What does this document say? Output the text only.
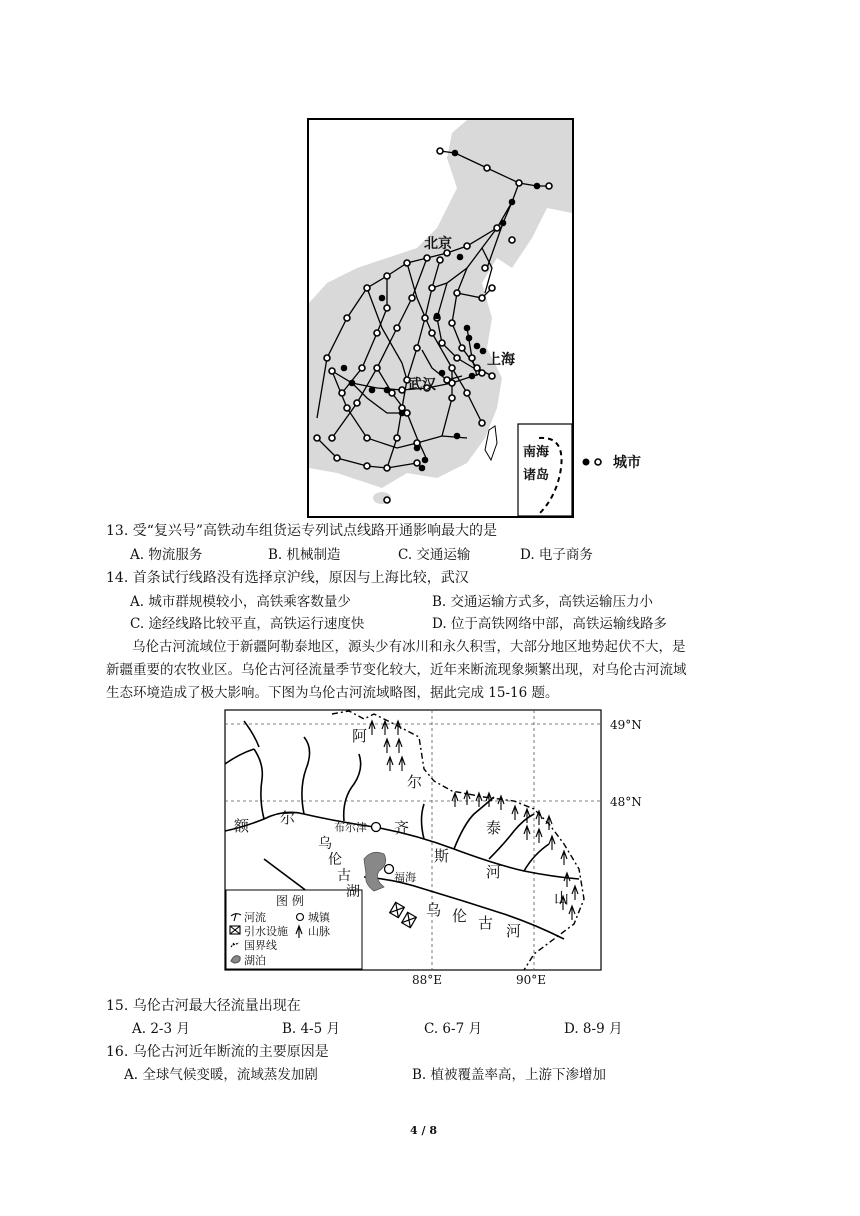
北京
上海
武汉
南海
诸岛
城市
13. 受“复兴号”高铁动车组货运专列试点线路开通影响最大的是
A. 物流服务	B. 机械制造	C. 交通运输	D. 电子商务
14. 首条试行线路没有选择京沪线，原因与上海比较，武汉
A. 城市群规模较小，高铁乘客数量少	B. 交通运输方式多，高铁运输压力小
C. 途经线路比较平直，高铁运行速度快	D. 位于高铁网络中部，高铁运输线路多
乌伦古河流域位于新疆阿勒泰地区，源头少有冰川和永久积雪，大部分地区地势起伏不大，是
新疆重要的农牧业区。乌伦古河径流量季节变化较大，近年来断流现象频繁出现，对乌伦古河流域
生态环境造成了极大影响。下图为乌伦古河流域略图，据此完成 15-16 题。
49°N
48°N
88°E	90°E
阿
尔
泰
山
额 尔
齐
斯
河
布尔津
福海
乌
伦
古
湖
乌 伦 古 河
图 例
河流	城镇
引水设施 山脉
国界线
湖泊
15. 乌伦古河最大径流量出现在
A. 2-3 月	B. 4-5 月	C. 6-7 月	D. 8-9 月
16. 乌伦古河近年断流的主要原因是
A. 全球气候变暖，流域蒸发加剧	B. 植被覆盖率高，上游下渗增加
4 / 8
